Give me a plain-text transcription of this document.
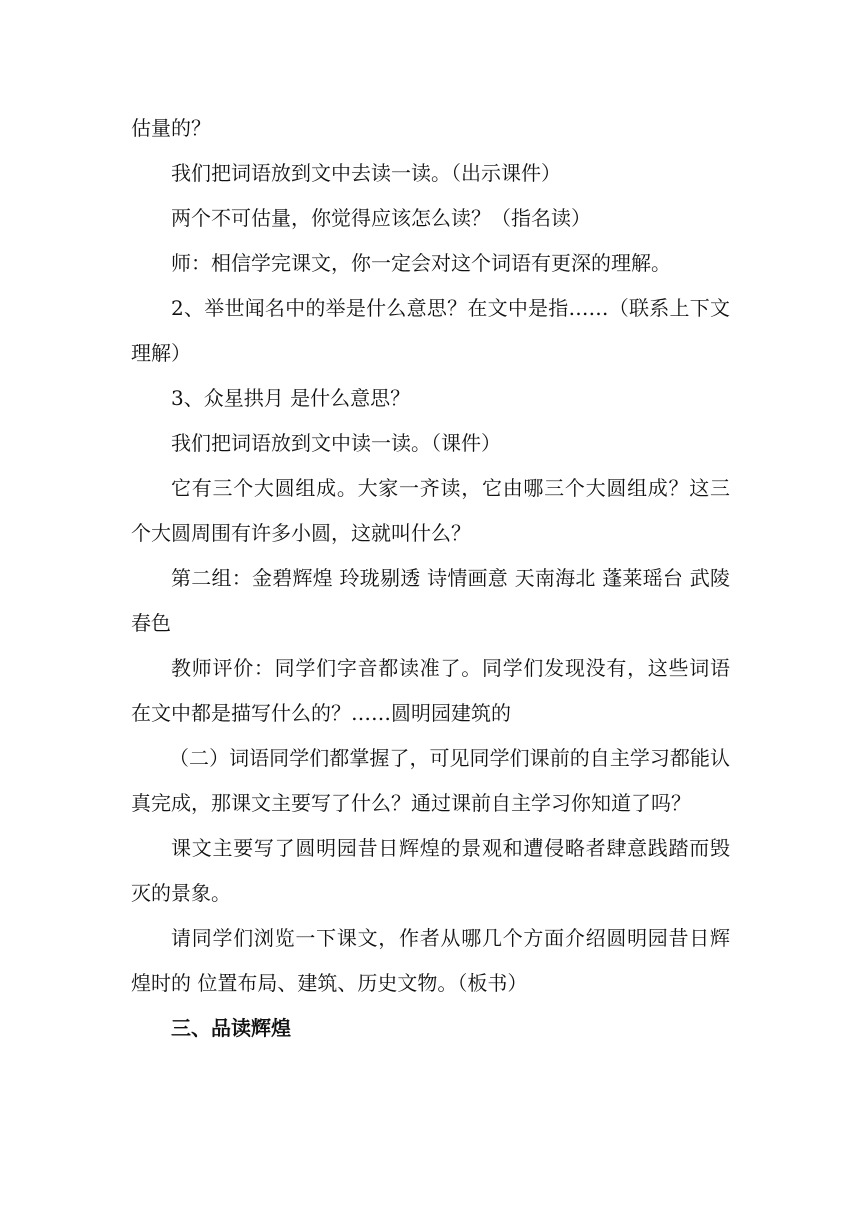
估量的？

我们把词语放到文中去读一读。（出示课件）

两个不可估量，你觉得应该怎么读？（指名读）

师：相信学完课文，你一定会对这个词语有更深的理解。

2、举世闻名中的举是什么意思？在文中是指……（联系上下文理解）

3、众星拱月 是什么意思？

我们把词语放到文中读一读。（课件）

它有三个大圆组成。大家一齐读，它由哪三个大圆组成？这三个大圆周围有许多小圆，这就叫什么？

第二组：金碧辉煌 玲珑剔透 诗情画意 天南海北 蓬莱瑶台 武陵春色

教师评价：同学们字音都读准了。同学们发现没有，这些词语在文中都是描写什么的？……圆明园建筑的

（二）词语同学们都掌握了，可见同学们课前的自主学习都能认真完成，那课文主要写了什么？通过课前自主学习你知道了吗？

课文主要写了圆明园昔日辉煌的景观和遭侵略者肆意践踏而毁灭的景象。

请同学们浏览一下课文，作者从哪几个方面介绍圆明园昔日辉煌时的 位置布局、建筑、历史文物。（板书）

三、品读辉煌
